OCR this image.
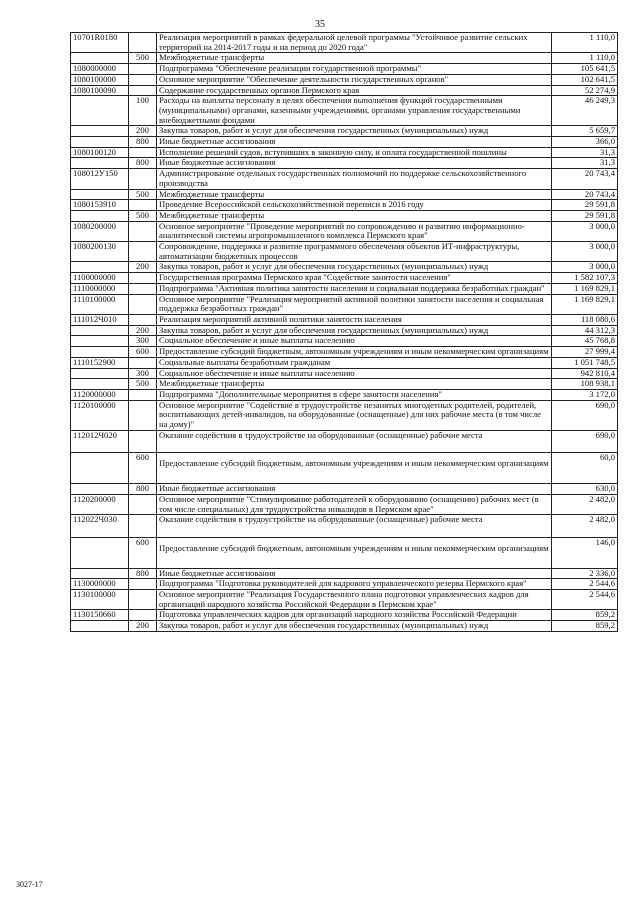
35
10701R0180		Реализация мероприятий в рамках федеральной целевой программы "Устойчивое развитие сельских территорий на 2014-2017 годы и на период до 2020 года"	1 110,0
	500	Межбюджетные трансферты	1 110,0
1080000000		Подпрограмма "Обеспечение реализации государственной программы"	105 641,5
1080100000		Основное мероприятие "Обеспечение деятельности государственных органов"	102 641,5
1080100090		Содержание государственных органов Пермского края	52 274,9
	100	Расходы на выплаты персоналу в целях обеспечения выполнения функций государственными (муниципальными) органами, казенными учреждениями, органами управления государственными внебюджетными фондами	46 249,3
	200	Закупка товаров, работ и услуг для обеспечения государственных (муниципальных) нужд	5 659,7
	800	Иные бюджетные ассигнования	366,0
1080100120		Исполнение решений судов, вступивших в законную силу, и оплата государственной пошлины	31,3
	800	Иные бюджетные ассигнования	31,3
108012У150		Администрирование отдельных государственных полномочий по поддержке сельскохозяйственного производства	20 743,4
	500	Межбюджетные трансферты	20 743,4
1080153910		Проведение Всероссийской сельскохозяйственной переписи в 2016 году	29 591,8
	500	Межбюджетные трансферты	29 591,8
1080200000		Основное мероприятие "Проведение мероприятий по сопровождению и развитию информационно-аналитической системы агропромышленного комплекса Пермского края"	3 000,0
1080200130		Сопровождение, поддержка и развитие программного обеспечения объектов ИТ-инфраструктуры, автоматизации бюджетных процессов	3 000,0
	200	Закупка товаров, работ и услуг для обеспечения государственных (муниципальных) нужд	3 000,0
1100000000		Государственная программа Пермского края "Содействие занятости населения"	1 582 107,3
1110000000		Подпрограмма "Активная политика занятости населения и социальная поддержка безработных граждан"	1 169 829,1
1110100000		Основное мероприятие "Реализация мероприятий активной политики занятости населения и социальная поддержка безработных граждан"	1 169 829,1
111012Ч010		Реализация мероприятий активной политики занятости населения	118 080,6
	200	Закупка товаров, работ и услуг для обеспечения государственных (муниципальных) нужд	44 312,3
	300	Социальное обеспечение и иные выплаты населению	45 768,8
	600	Предоставление субсидий бюджетным, автономным учреждениям и иным некоммерческим организациям	27 999,4
1110152900		Социальные выплаты безработным гражданам	1 051 748,5
	300	Социальное обеспечение и иные выплаты населению	942 810,4
	500	Межбюджетные трансферты	108 938,1
1120000000		Подпрограмма "Дополнительные мероприятия в сфере занятости населения"	3 172,0
1120100000		Основное мероприятие "Содействие в трудоустройстве незанятых многодетных родителей, родителей, воспитывающих детей-инвалидов, на оборудованные (оснащенные) для них рабочие места (в том числе на дому)"	690,0
112012Ч020		Оказание содействия в трудоустройстве на оборудованные (оснащенные) рабочие места	690,0
	600	Предоставление субсидий бюджетным, автономным учреждениям и иным некоммерческим организациям	60,0
	800	Иные бюджетные ассигнования	630,0
1120200000		Основное мероприятие "Стимулирование работодателей к оборудованию (оснащению) рабочих мест (в том числе специальных) для трудоустройства инвалидов в Пермском крае"	2 482,0
112022Ч030		Оказание содействия в трудоустройстве на оборудованные (оснащенные) рабочие места	2 482,0
	600	Предоставление субсидий бюджетным, автономным учреждениям и иным некоммерческим организациям	146,0
	800	Иные бюджетные ассигнования	2 336,0
1130000000		Подпрограмма "Подготовка руководителей для кадрового управленческого резерва Пермского края"	2 544,6
1130100000		Основное мероприятие "Реализация Государственного плана подготовки управленческих кадров для организаций народного хозяйства Российской Федерации в Пермском крае"	2 544,6
1130150660		Подготовка управленческих кадров для организаций народного хозяйства Российской Федерации	859,2
	200	Закупка товаров, работ и услуг для обеспечения государственных (муниципальных) нужд	859,2
3027-17
